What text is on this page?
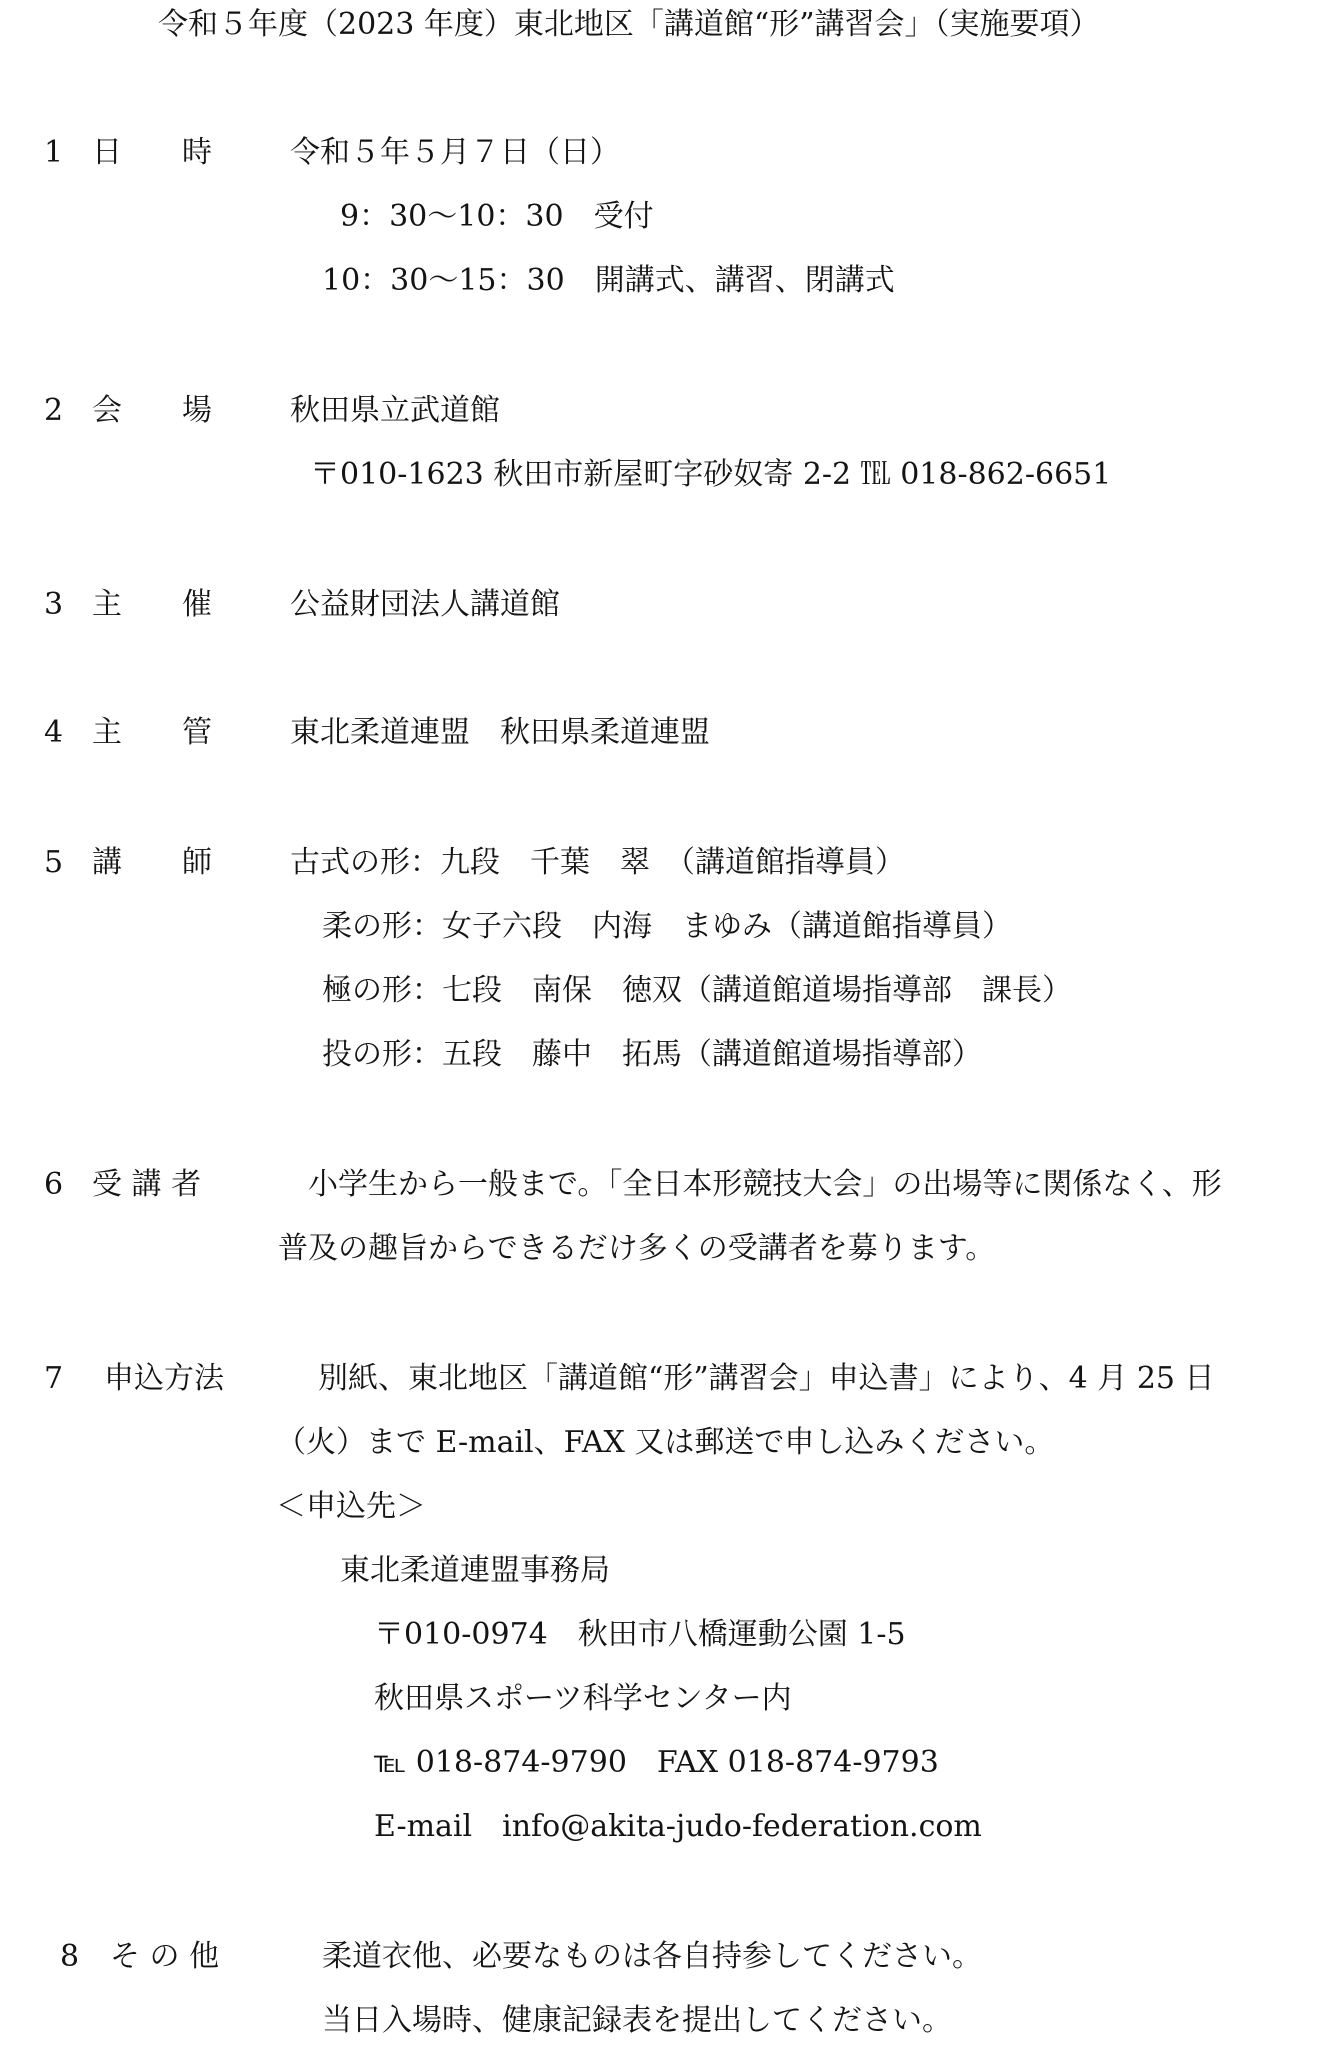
令和５年度（2023 年度）東北地区「講道館“形”講習会」（実施要項）
1 日　　時	令和５年５月７日（日）
9：30〜10：30　受付
10：30〜15：30　開講式、講習、閉講式
2 会　　場	秋田県立武道館
〒010-1623 秋田市新屋町字砂奴寄 2-2 ℡ 018-862-6651
3 主　　催	公益財団法人講道館
4 主　　管	東北柔道連盟　秋田県柔道連盟
5 講　　師	古式の形：九段　千葉　翠　（講道館指導員）
柔の形：女子六段　内海　まゆみ（講道館指導員）
極の形：七段　南保　徳双（講道館道場指導部　課長）
投の形：五段　藤中　拓馬（講道館道場指導部）
6 受 講 者	小学生から一般まで。「全日本形競技大会」の出場等に関係なく、形
普及の趣旨からできるだけ多くの受講者を募ります。
7 申込方法	別紙、東北地区「講道館“形”講習会」申込書」により、4 月 25 日
（火）まで E-mail、FAX 又は郵送で申し込みください。
＜申込先＞
東北柔道連盟事務局
〒010-0974　秋田市八橋運動公園 1-5
秋田県スポーツ科学センター内
℡ 018-874-9790　FAX 018-874-9793
E-mail　info@akita-judo-federation.com
8 そ の 他	柔道衣他、必要なものは各自持参してください。
当日入場時、健康記録表を提出してください。
